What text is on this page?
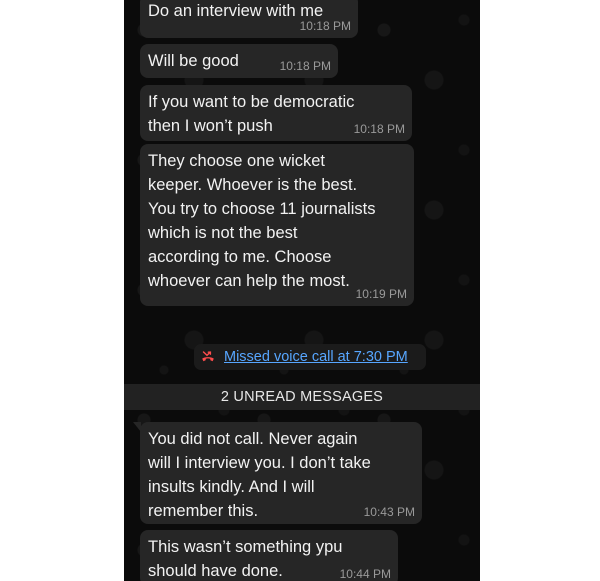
Do an interview with me
10:18 PM
Will be good	10:18 PM
If you want to be democratic
then I won’t push	10:18 PM
They choose one wicket
keeper. Whoever is the best.
You try to choose 11 journalists
which is not the best
according to me. Choose
whoever can help the most.
10:19 PM
Missed voice call at 7:30 PM
2 UNREAD MESSAGES
You did not call. Never again
will I interview you. I don’t take
insults kindly. And I will
remember this.	10:43 PM
This wasn’t something ypu
should have done.	10:44 PM
